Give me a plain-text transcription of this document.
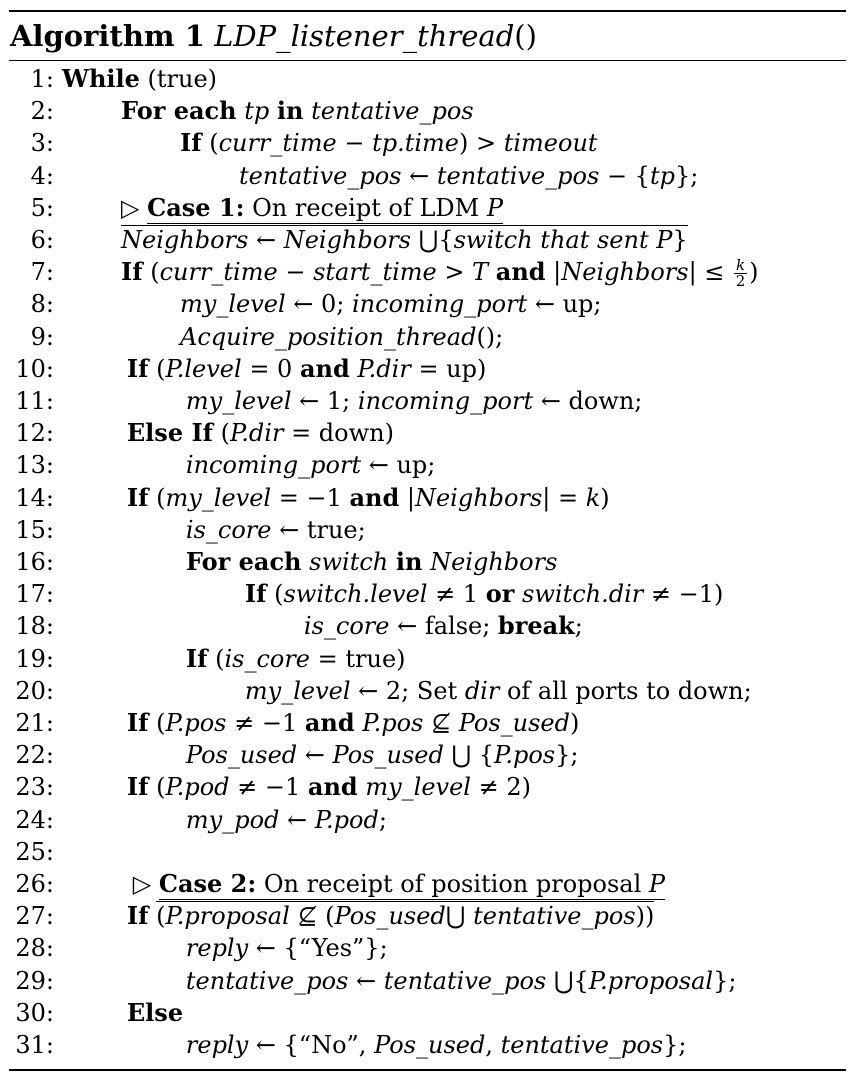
Algorithm 1 LDP_listener_thread()
1: While (true)
2:	For each tp in tentative_pos
3:	If (curr_time − tp.time) > timeout
4:	tentative_pos ← tentative_pos − {tp};
5:	▷ Case 1: On receipt of LDM P
6:	Neighbors ← Neighbors ⋃{switch that sent P}
7:	If (curr_time − start_time > T and |Neighbors| ≤ $\frac{k}{2}$ )
8:	my_level ← 0; incoming_port ← up;
9:	Acquire_position_thread();
10:	If (P.level = 0 and P.dir = up)
11:	my_level ← 1; incoming_port ← down;
12:	Else If (P.dir = down)
13:	incoming_port ← up;
14:	If (my_level = −1 and |Neighbors| = k)
15:	is_core ← true;
16:	For each switch in Neighbors
17:	If (switch.level ≠ 1 or switch.dir ≠ −1)
18:	is_core ← false; break;
19:	If (is_core = true)
20:	my_level ← 2; Set dir of all ports to down;
21:	If (P.pos ≠ −1 and P.pos ⊈ Pos_used)
22:	Pos_used ← Pos_used ⋃ {P.pos};
23:	If (P.pod ≠ −1 and my_level ≠ 2)
24:	my_pod ← P.pod;
25:
26:	▷ Case 2: On receipt of position proposal P
27:	If (P.proposal ⊈ (Pos_used⋃ tentative_pos))
28:	reply ← {“Yes”};
29:	tentative_pos ← tentative_pos ⋃{P.proposal};
30:	Else
31:	reply ← {“No”, Pos_used, tentative_pos};
